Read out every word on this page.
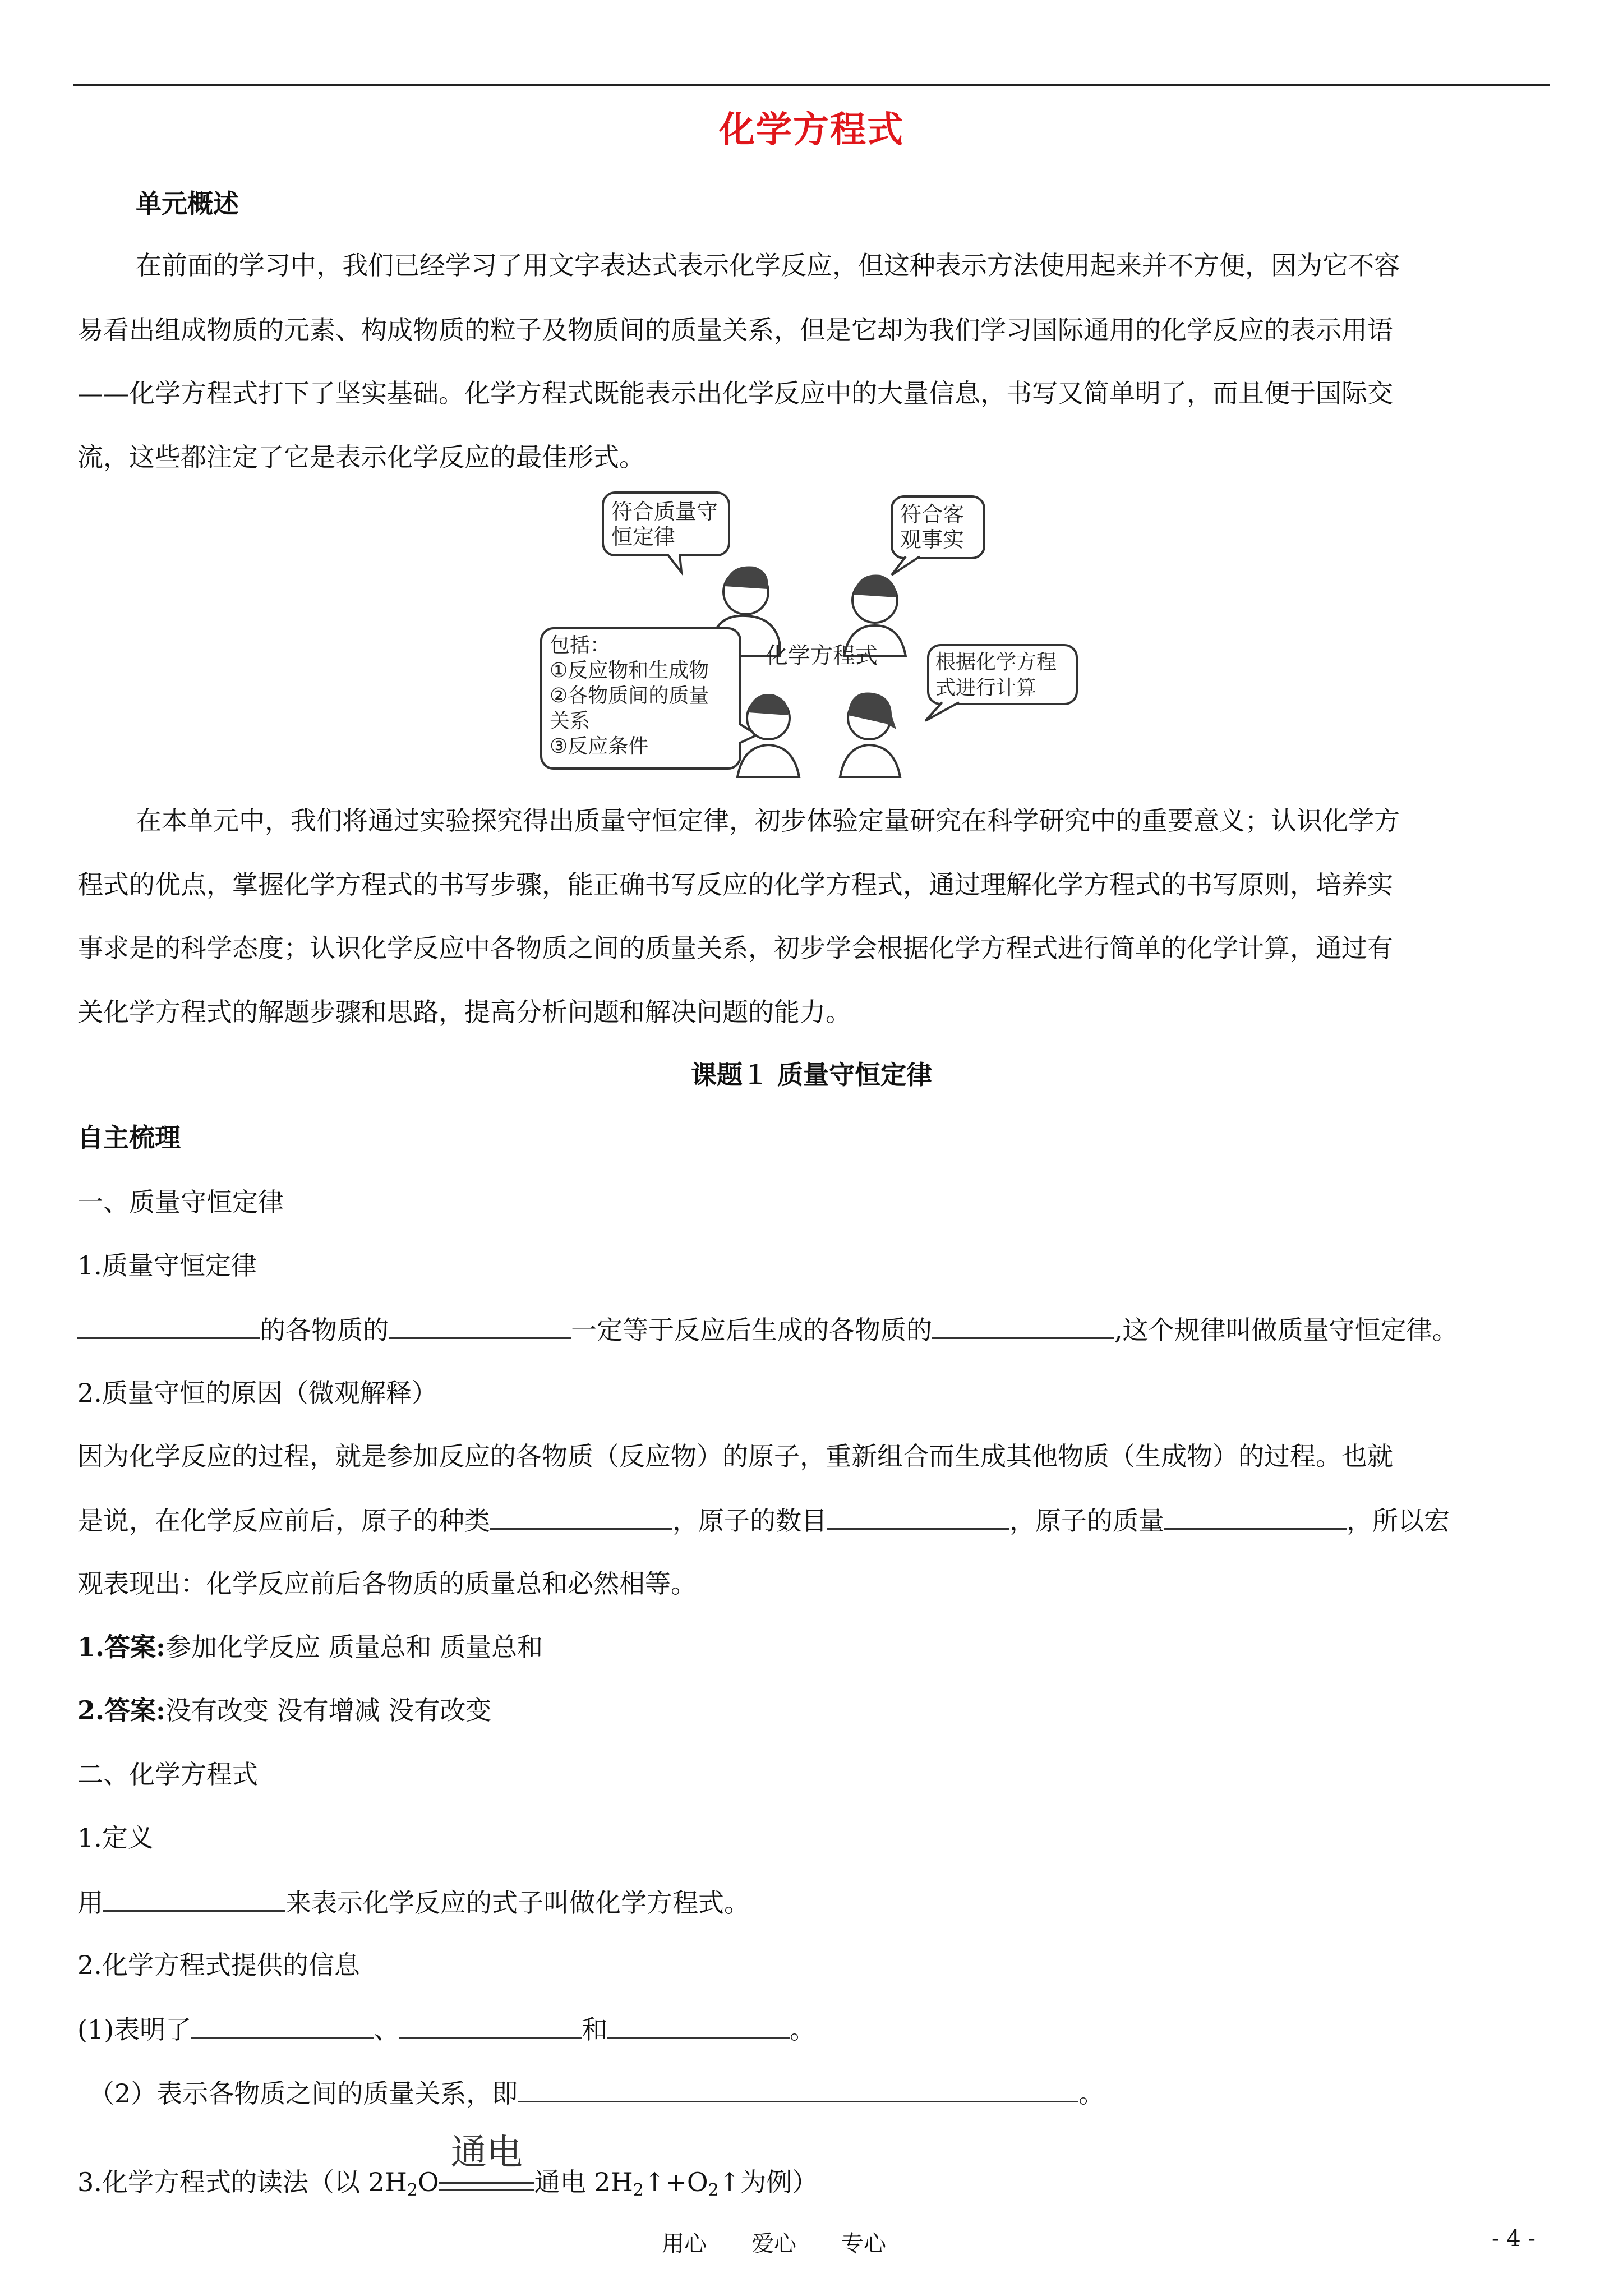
化学方程式
单元概述
在前面的学习中，我们已经学习了用文字表达式表示化学反应，但这种表示方法使用起来并不方便，因为它不容
易看出组成物质的元素、构成物质的粒子及物质间的质量关系，但是它却为我们学习国际通用的化学反应的表示用语
——化学方程式打下了坚实基础。化学方程式既能表示出化学反应中的大量信息，书写又简单明了，而且便于国际交
流，这些都注定了它是表示化学反应的最佳形式。
符合质量守
恒定律
符合客
观事实
化学方程式
包括：
①反应物和生成物
②各物质间的质量
关系
③反应条件
根据化学方程
式进行计算
在本单元中，我们将通过实验探究得出质量守恒定律，初步体验定量研究在科学研究中的重要意义；认识化学方
程式的优点，掌握化学方程式的书写步骤，能正确书写反应的化学方程式，通过理解化学方程式的书写原则，培养实
事求是的科学态度；认识化学反应中各物质之间的质量关系，初步学会根据化学方程式进行简单的化学计算，通过有
关化学方程式的解题步骤和思路，提高分析问题和解决问题的能力。
课题１ 质量守恒定律
自主梳理
一、质量守恒定律
1.质量守恒定律
的各物质的	一定等于反应后生成的各物质的	,这个规律叫做质量守恒定律。
2.质量守恒的原因（微观解释）
因为化学反应的过程，就是参加反应的各物质（反应物）的原子，重新组合而生成其他物质（生成物）的过程。也就
是说，在化学反应前后，原子的种类	，原子的数目	，原子的质量	，所以宏
观表现出：化学反应前后各物质的质量总和必然相等。
1.答案:参加化学反应 质量总和 质量总和
2.答案:没有改变 没有增减 没有改变
二、化学方程式
1.定义
用	来表示化学反应的式子叫做化学方程式。
2.化学方程式提供的信息
(1)表明了	、	和	。
（2）表示各物质之间的质量关系，即	。
3.化学方程式的读法（以 $2H_2O$
通电
通电 $2H_2↑+O_2↑$为例）
用心　　爱心　　专心	- 4 -
